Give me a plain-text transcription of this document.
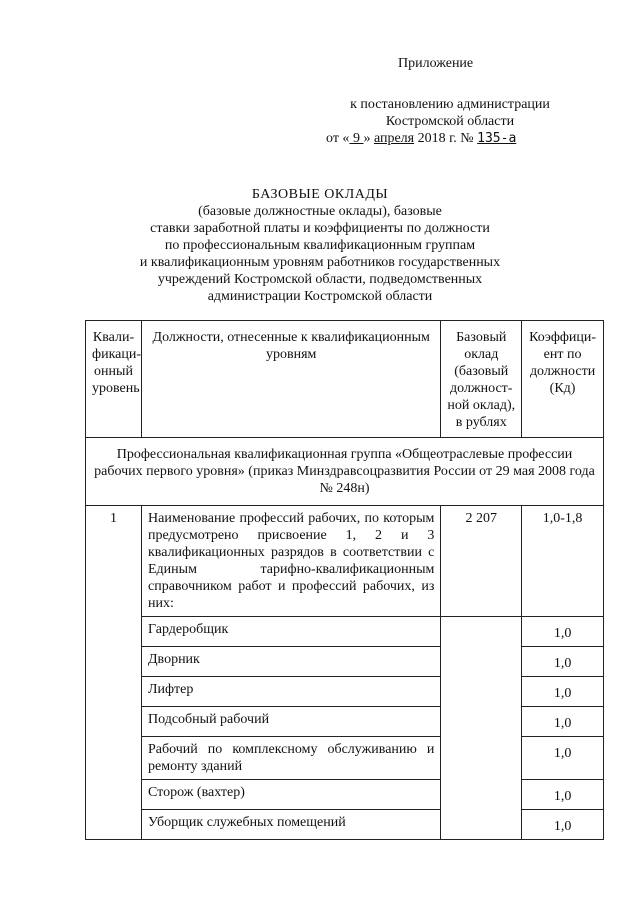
Приложение
к постановлению администрации
Костромской области
от « 9 » апреля 2018 г. № 135-а
БАЗОВЫЕ ОКЛАДЫ
(базовые должностные оклады), базовые
ставки заработной платы и коэффициенты по должности
по профессиональным квалификационным группам
и квалификационным уровням работников государственных
учреждений Костромской области, подведомственных
администрации Костромской области
Квали-фикаци-онный уровень	Должности, отнесенные к квалификационным уровням	Базовый оклад (базовый должност-ной оклад), в рублях	Коэффици-ент по должности (Кд)
Профессиональная квалификационная группа «Общеотраслевые профессии рабочих первого уровня» (приказ Минздравсоцразвития России от 29 мая 2008 года № 248н)			
1	Наименование профессий рабочих, по которым предусмотрено присвоение 1, 2 и 3 квалификационных разрядов в соответствии с Единым тарифно-квалификационным справочником работ и профессий рабочих, из них:	2 207	1,0-1,8
	Гардеробщик		1,0
	Дворник		1,0
	Лифтер		1,0
	Подсобный рабочий		1,0
	Рабочий по комплексному обслуживанию и ремонту зданий		1,0
	Сторож (вахтер)		1,0
	Уборщик служебных помещений		1,0
